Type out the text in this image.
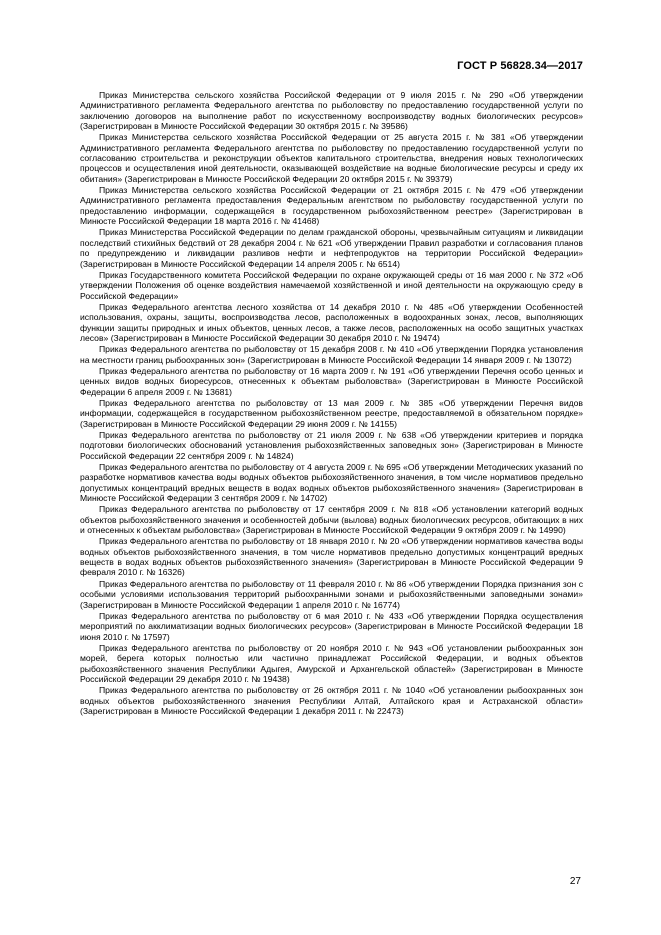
ГОСТ Р 56828.34—2017

Приказ Министерства сельского хозяйства Российской Федерации от 9 июля 2015 г. № 290 «Об утверждении Административного регламента Федерального агентства по рыболовству по предоставлению государственной услуги по заключению договоров на выполнение работ по искусственному воспроизводству водных биологических ресурсов» (Зарегистрирован в Минюсте Российской Федерации 30 октября 2015 г. № 39586)

Приказ Министерства сельского хозяйства Российской Федерации от 25 августа 2015 г. № 381 «Об утверждении Административного регламента Федерального агентства по рыболовству по предоставлению государственной услуги по согласованию строительства и реконструкции объектов капитального строительства, внедрения новых технологических процессов и осуществления иной деятельности, оказывающей воздействие на водные биологические ресурсы и среду их обитания» (Зарегистрирован в Минюсте Российской Федерации 20 октября 2015 г. № 39379)

Приказ Министерства сельского хозяйства Российской Федерации от 21 октября 2015 г. № 479 «Об утверждении Административного регламента предоставления Федеральным агентством по рыболовству государственной услуги по предоставлению информации, содержащейся в государственном рыбохозяйственном реестре» (Зарегистрирован в Минюсте Российской Федерации 18 марта 2016 г. № 41468)

Приказ Министерства Российской Федерации по делам гражданской обороны, чрезвычайным ситуациям и ликвидации последствий стихийных бедствий от 28 декабря 2004 г. № 621 «Об утверждении Правил разработки и согласования планов по предупреждению и ликвидации разливов нефти и нефтепродуктов на территории Российской Федерации» (Зарегистрирован в Минюсте Российской Федерации 14 апреля 2005 г. № 6514)

Приказ Государственного комитета Российской Федерации по охране окружающей среды от 16 мая 2000 г. № 372 «Об утверждении Положения об оценке воздействия намечаемой хозяйственной и иной деятельности на окружающую среду в Российской Федерации»

Приказ Федерального агентства лесного хозяйства от 14 декабря 2010 г. № 485 «Об утверждении Особенностей использования, охраны, защиты, воспроизводства лесов, расположенных в водоохранных зонах, лесов, выполняющих функции защиты природных и иных объектов, ценных лесов, а также лесов, расположенных на особо защитных участках лесов» (Зарегистрирован в Минюсте Российской Федерации 30 декабря 2010 г. № 19474)

Приказ Федерального агентства по рыболовству от 15 декабря 2008 г. № 410 «Об утверждении Порядка установления на местности границ рыбоохранных зон» (Зарегистрирован в Минюсте Российской Федерации 14 января 2009 г. № 13072)

Приказ Федерального агентства по рыболовству от 16 марта 2009 г. № 191 «Об утверждении Перечня особо ценных и ценных видов водных биоресурсов, отнесенных к объектам рыболовства» (Зарегистрирован в Минюсте Российской Федерации 6 апреля 2009 г. № 13681)

Приказ Федерального агентства по рыболовству от 13 мая 2009 г. № 385 «Об утверждении Перечня видов информации, содержащейся в государственном рыбохозяйственном реестре, предоставляемой в обязательном порядке» (Зарегистрирован в Минюсте Российской Федерации 29 июня 2009 г. № 14155)

Приказ Федерального агентства по рыболовству от 21 июля 2009 г. № 638 «Об утверждении критериев и порядка подготовки биологических обоснований установления рыбохозяйственных заповедных зон» (Зарегистрирован в Минюсте Российской Федерации 22 сентября 2009 г. № 14824)

Приказ Федерального агентства по рыболовству от 4 августа 2009 г. № 695 «Об утверждении Методических указаний по разработке нормативов качества воды водных объектов рыбохозяйственного значения, в том числе нормативов предельно допустимых концентраций вредных веществ в водах водных объектов рыбохозяйственного значения» (Зарегистрирован в Минюсте Российской Федерации 3 сентября 2009 г. № 14702)

Приказ Федерального агентства по рыболовству от 17 сентября 2009 г. № 818 «Об установлении категорий водных объектов рыбохозяйственного значения и особенностей добычи (вылова) водных биологических ресурсов, обитающих в них и отнесенных к объектам рыболовства» (Зарегистрирован в Минюсте Российской Федерации 9 октября 2009 г. № 14990)

Приказ Федерального агентства по рыболовству от 18 января 2010 г. № 20 «Об утверждении нормативов качества воды водных объектов рыбохозяйственного значения, в том числе нормативов предельно допустимых концентраций вредных веществ в водах водных объектов рыбохозяйственного значения» (Зарегистрирован в Минюсте Российской Федерации 9 февраля 2010 г. № 16326)

Приказ Федерального агентства по рыболовству от 11 февраля 2010 г. № 86 «Об утверждении Порядка признания зон с особыми условиями использования территорий рыбоохранными зонами и рыбохозяйственными заповедными зонами» (Зарегистрирован в Минюсте Российской Федерации 1 апреля 2010 г. № 16774)

Приказ Федерального агентства по рыболовству от 6 мая 2010 г. № 433 «Об утверждении Порядка осуществления мероприятий по акклиматизации водных биологических ресурсов» (Зарегистрирован в Минюсте Российской Федерации 18 июня 2010 г. № 17597)

Приказ Федерального агентства по рыболовству от 20 ноября 2010 г. № 943 «Об установлении рыбоохранных зон морей, берега которых полностью или частично принадлежат Российской Федерации, и водных объектов рыбохозяйственного значения Республики Адыгея, Амурской и Архангельской областей» (Зарегистрирован в Минюсте Российской Федерации 29 декабря 2010 г. № 19438)

Приказ Федерального агентства по рыболовству от 26 октября 2011 г. № 1040 «Об установлении рыбоохранных зон водных объектов рыбохозяйственного значения Республики Алтай, Алтайского края и Астраханской области» (Зарегистрирован в Минюсте Российской Федерации 1 декабря 2011 г. № 22473)

27
